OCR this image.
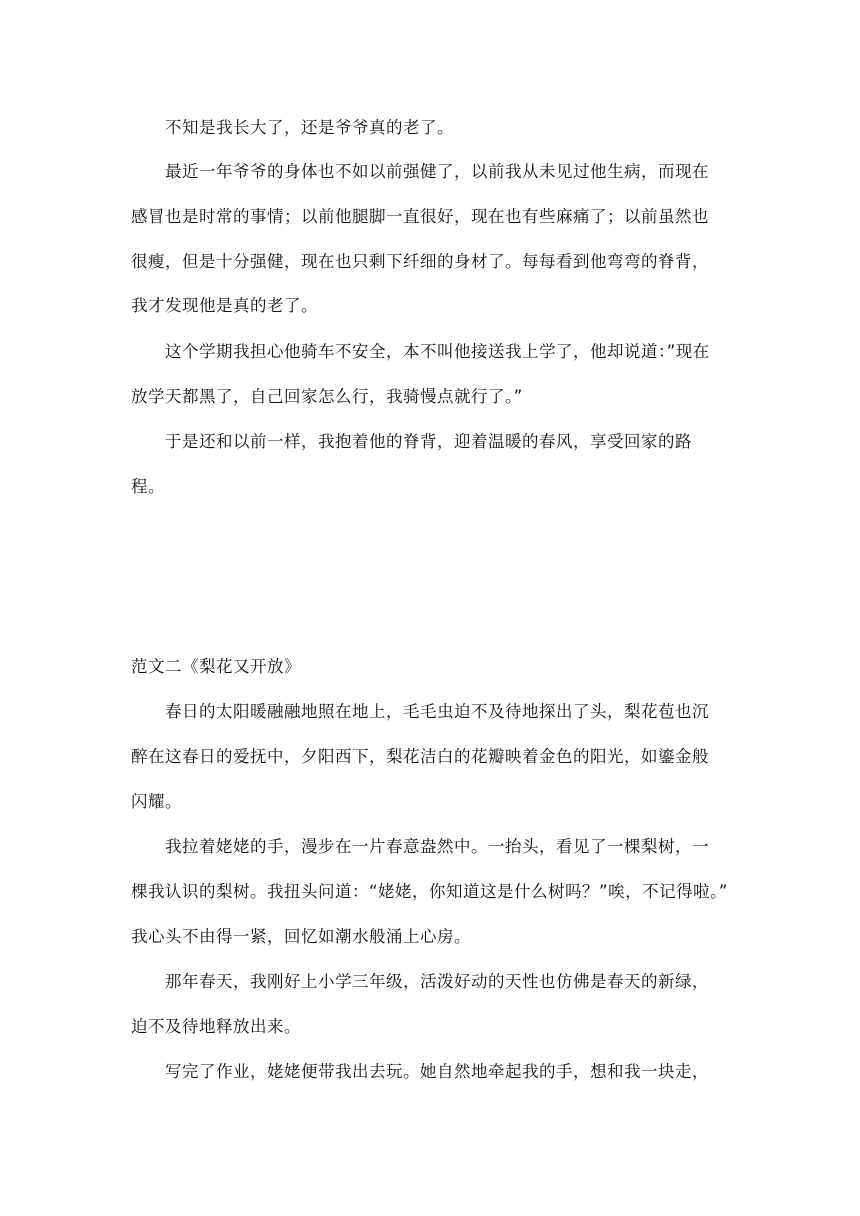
不知是我长大了，还是爷爷真的老了。
最近一年爷爷的身体也不如以前强健了，以前我从未见过他生病，而现在
感冒也是时常的事情；以前他腿脚一直很好，现在也有些麻痛了；以前虽然也
很瘦，但是十分强健，现在也只剩下纤细的身材了。每每看到他弯弯的脊背，
我才发现他是真的老了。
这个学期我担心他骑车不安全，本不叫他接送我上学了，他却说道：”现在
放学天都黑了，自己回家怎么行，我骑慢点就行了。”
于是还和以前一样，我抱着他的脊背，迎着温暖的春风，享受回家的路
程。
范文二《梨花又开放》
春日的太阳暖融融地照在地上，毛毛虫迫不及待地探出了头，梨花苞也沉
醉在这春日的爱抚中，夕阳西下，梨花洁白的花瓣映着金色的阳光，如鎏金般
闪耀。
我拉着姥姥的手，漫步在一片春意盎然中。一抬头，看见了一棵梨树，一
棵我认识的梨树。我扭头问道：“姥姥，你知道这是什么树吗？”唉，不记得啦。”
我心头不由得一紧，回忆如潮水般涌上心房。
那年春天，我刚好上小学三年级，活泼好动的天性也仿佛是春天的新绿，
迫不及待地释放出来。
写完了作业，姥姥便带我出去玩。她自然地牵起我的手，想和我一块走，
